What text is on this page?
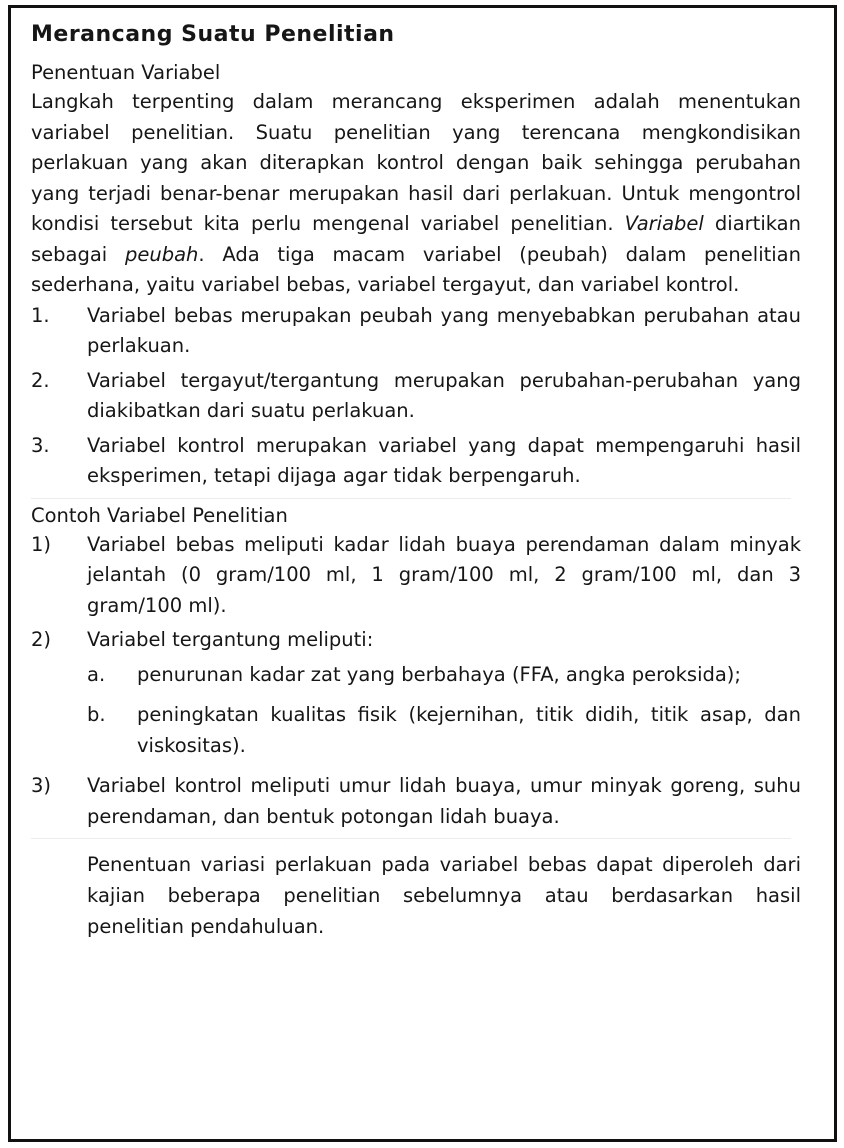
Merancang Suatu Penelitian

Penentuan Variabel

Langkah terpenting dalam merancang eksperimen adalah menentukan variabel penelitian. Suatu penelitian yang terencana mengkondisikan perlakuan yang akan diterapkan kontrol dengan baik sehingga perubahan yang terjadi benar-benar merupakan hasil dari perlakuan. Untuk mengontrol kondisi tersebut kita perlu mengenal variabel penelitian. Variabel diartikan sebagai peubah. Ada tiga macam variabel (peubah) dalam penelitian sederhana, yaitu variabel bebas, variabel tergayut, dan variabel kontrol.

1.	Variabel bebas merupakan peubah yang menyebabkan perubahan atau perlakuan.
2.	Variabel tergayut/tergantung merupakan perubahan-perubahan yang diakibatkan dari suatu perlakuan.
3.	Variabel kontrol merupakan variabel yang dapat mempengaruhi hasil eksperimen, tetapi dijaga agar tidak berpengaruh.

Contoh Variabel Penelitian

1)	Variabel bebas meliputi kadar lidah buaya perendaman dalam minyak jelantah (0 gram/100 ml, 1 gram/100 ml, 2 gram/100 ml, dan 3 gram/100 ml).
2)	Variabel tergantung meliputi:
a. penurunan kadar zat yang berbahaya (FFA, angka peroksida);
b. peningkatan kualitas fisik (kejernihan, titik didih, titik asap, dan viskositas).
3)	Variabel kontrol meliputi umur lidah buaya, umur minyak goreng, suhu perendaman, dan bentuk potongan lidah buaya.

Penentuan variasi perlakuan pada variabel bebas dapat diperoleh dari kajian beberapa penelitian sebelumnya atau berdasarkan hasil penelitian pendahuluan.
